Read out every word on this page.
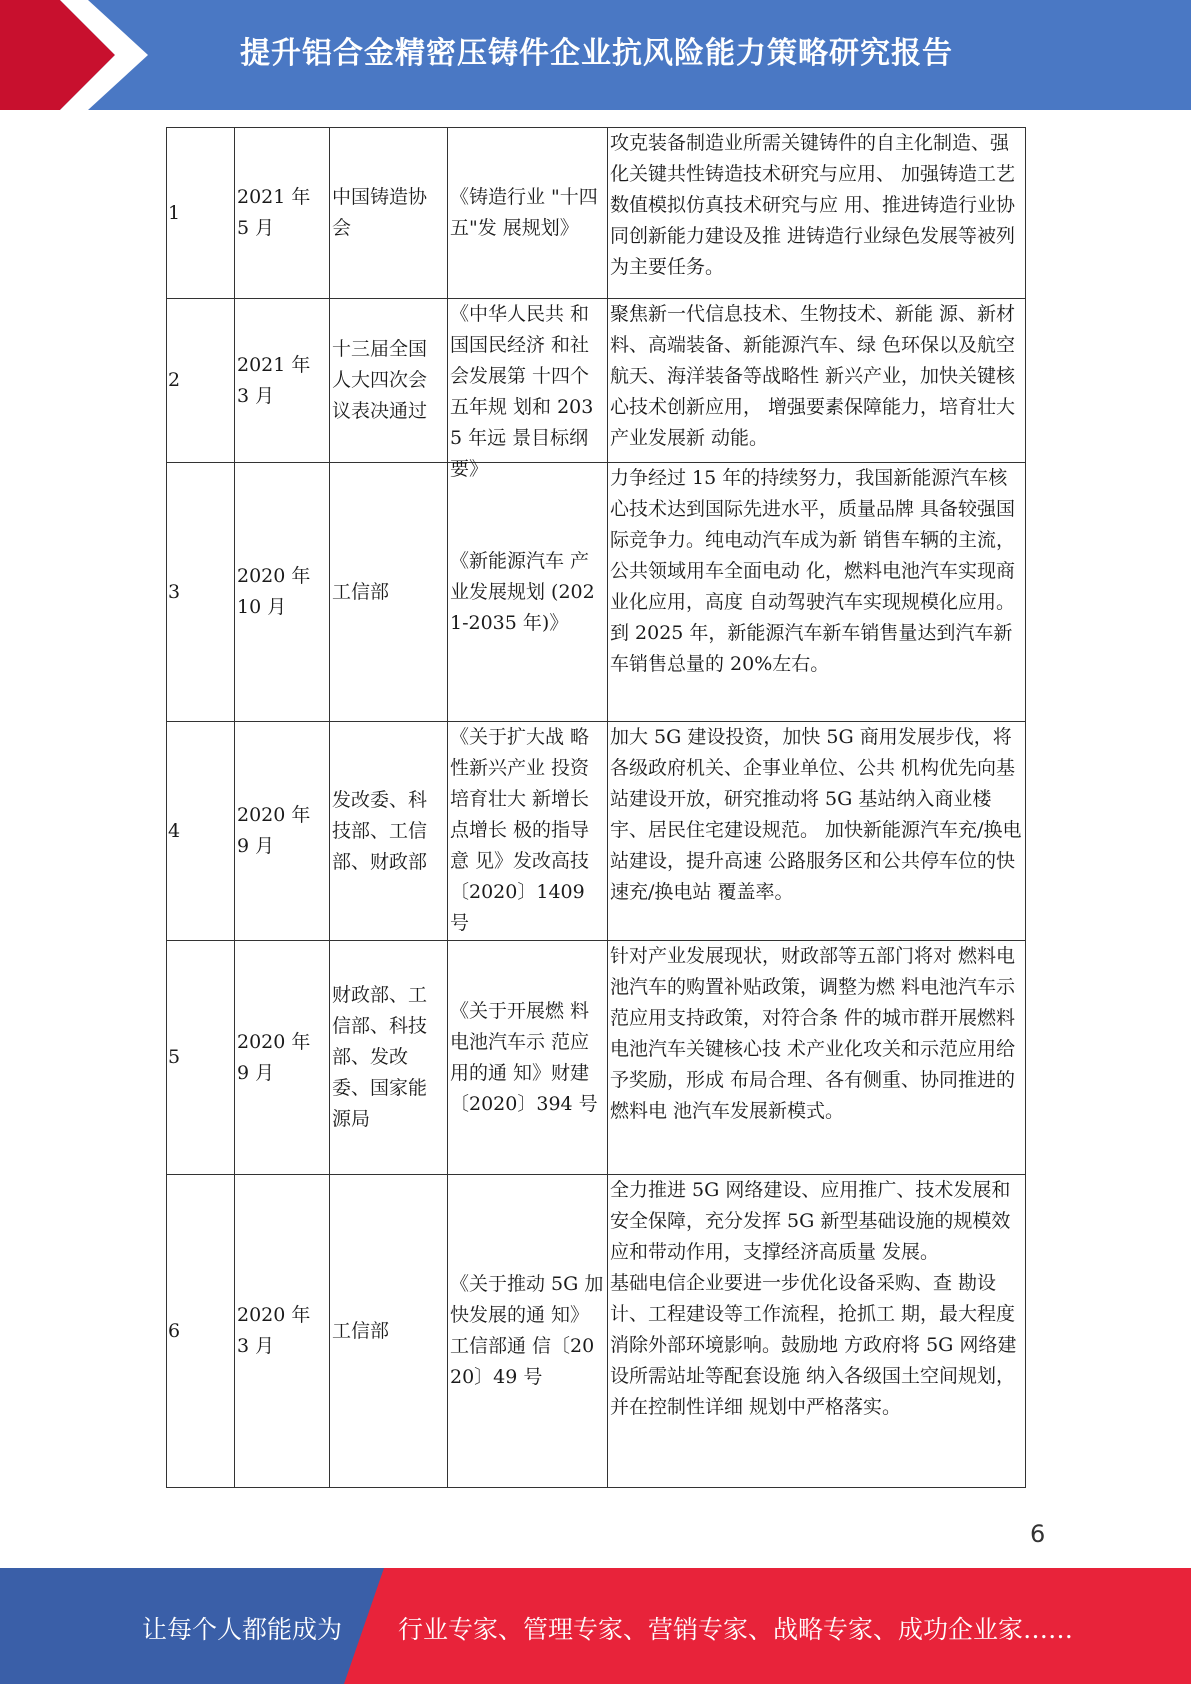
提升铝合金精密压铸件企业抗风险能力策略研究报告
1	2021 年 5 月	中国铸造协会	《铸造行业 "十四五"发 展规划》	攻克装备制造业所需关键铸件的自主化制造、强化关键共性铸造技术研究与应用、 加强铸造工艺数值模拟仿真技术研究与应 用、推进铸造行业协同创新能力建设及推 进铸造行业绿色发展等被列为主要任务。
2	2021 年 3 月	十三届全国人大四次会议表决通过	《中华人民共 和国国民经济 和社会发展第 十四个五年规 划和 2035 年远 景目标纲要》	聚焦新一代信息技术、生物技术、新能 源、新材料、高端装备、新能源汽车、绿 色环保以及航空航天、海洋装备等战略性 新兴产业，加快关键核心技术创新应用， 增强要素保障能力，培育壮大产业发展新 动能。
3	2020 年 10 月	工信部	《新能源汽车 产业发展规划 (2021-2035 年)》	力争经过 15 年的持续努力，我国新能源汽车核心技术达到国际先进水平，质量品牌 具备较强国际竞争力。纯电动汽车成为新 销售车辆的主流，公共领域用车全面电动 化，燃料电池汽车实现商业化应用，高度 自动驾驶汽车实现规模化应用。
到 2025 年，新能源汽车新车销售量达到汽车新车销售总量的 20%左右。
4	2020 年 9 月	发改委、科技部、工信部、财政部	《关于扩大战 略性新兴产业 投资培育壮大 新增长点增长 极的指导意 见》发改高技〔2020〕1409 号	加大 5G 建设投资，加快 5G 商用发展步伐，将各级政府机关、企事业单位、公共 机构优先向基站建设开放，研究推动将 5G 基站纳入商业楼宇、居民住宅建设规范。 加快新能源汽车充/换电站建设，提升高速 公路服务区和公共停车位的快速充/换电站 覆盖率。
5	2020 年 9 月	财政部、工信部、科技部、发改委、国家能源局	《关于开展燃 料电池汽车示 范应用的通 知》财建〔2020〕394 号	针对产业发展现状，财政部等五部门将对 燃料电池汽车的购置补贴政策，调整为燃 料电池汽车示范应用支持政策，对符合条 件的城市群开展燃料电池汽车关键核心技 术产业化攻关和示范应用给予奖励，形成 布局合理、各有侧重、协同推进的燃料电 池汽车发展新模式。
6	2020 年 3 月	工信部	《关于推动 5G 加快发展的通 知》工信部通 信〔2020〕49 号	全力推进 5G 网络建设、应用推广、技术发展和安全保障，充分发挥 5G 新型基础设施的规模效应和带动作用，支撑经济高质量 发展。
基础电信企业要进一步优化设备采购、查 勘设计、工程建设等工作流程，抢抓工 期，最大程度消除外部环境影响。鼓励地 方政府将 5G 网络建设所需站址等配套设施 纳入各级国土空间规划，并在控制性详细 规划中严格落实。
6
让每个人都能成为 行业专家、管理专家、营销专家、战略专家、成功企业家……
